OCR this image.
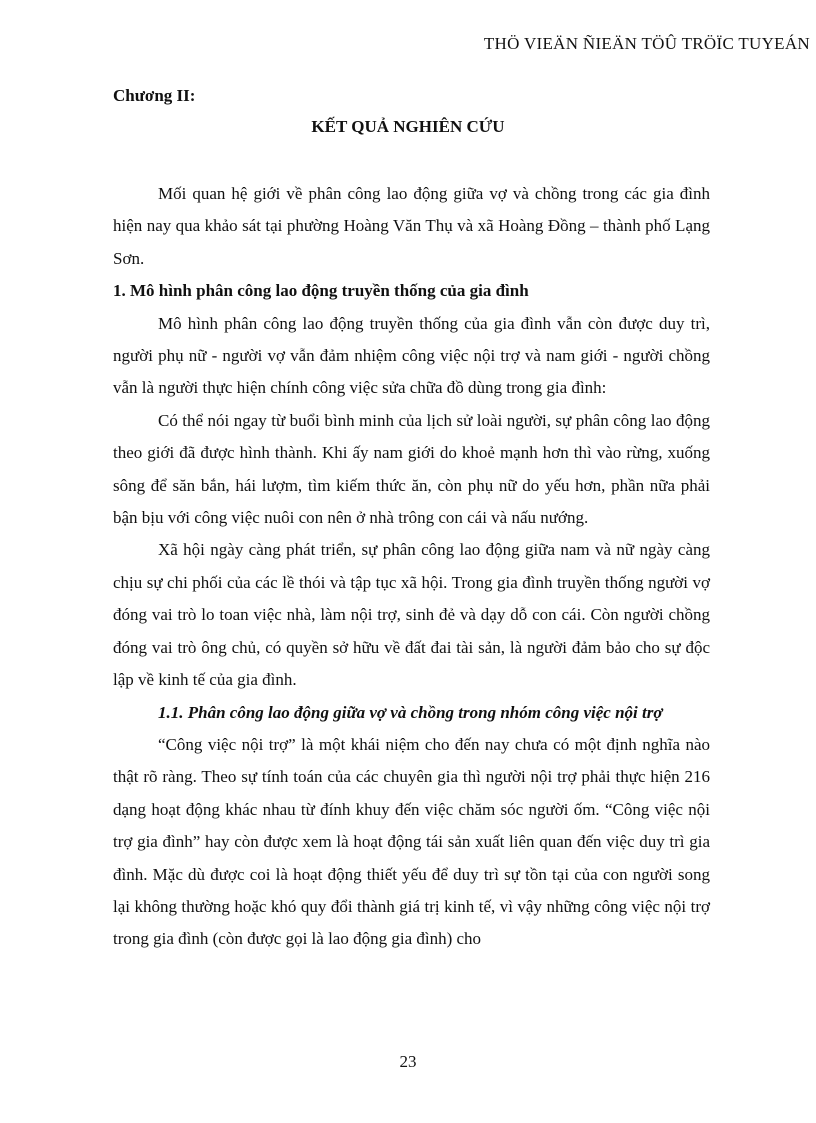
THÖ VIEÄN ÑIEÄN TÖÛ TRÖÏC TUYEÁN
Chương II:
KẾT QUẢ NGHIÊN CỨU

Mối quan hệ giới về phân công lao động giữa vợ và chồng trong các gia đình hiện nay qua khảo sát tại phường Hoàng Văn Thụ và xã Hoàng Đồng – thành phố Lạng Sơn.

1. Mô hình phân công lao động truyền thống của gia đình

Mô hình phân công lao động truyền thống của gia đình vẫn còn được duy trì, người phụ nữ - người vợ vẫn đảm nhiệm công việc nội trợ và nam giới - người chồng vẫn là người thực hiện chính công việc sửa chữa đồ dùng trong gia đình:

Có thể nói ngay từ buổi bình minh của lịch sử loài người, sự phân công lao động theo giới đã được hình thành. Khi ấy nam giới do khoẻ mạnh hơn thì vào rừng, xuống sông để săn bắn, hái lượm, tìm kiếm thức ăn, còn phụ nữ do yếu hơn, phần nữa phải bận bịu với công việc nuôi con nên ở nhà trông con cái và nấu nướng.

Xã hội ngày càng phát triển, sự phân công lao động giữa nam và nữ ngày càng chịu sự chi phối của các lề thói và tập tục xã hội. Trong gia đình truyền thống người vợ đóng vai trò lo toan việc nhà, làm nội trợ, sinh đẻ và dạy dỗ con cái. Còn người chồng đóng vai trò ông chủ, có quyền sở hữu về đất đai tài sản, là người đảm bảo cho sự độc lập về kinh tế của gia đình.

1.1. Phân công lao động giữa vợ và chồng trong nhóm công việc nội trợ

“Công việc nội trợ” là một khái niệm cho đến nay chưa có một định nghĩa nào thật rõ ràng. Theo sự tính toán của các chuyên gia thì người nội trợ phải thực hiện 216 dạng hoạt động khác nhau từ đính khuy đến việc chăm sóc người ốm. “Công việc nội trợ gia đình” hay còn được xem là hoạt động tái sản xuất liên quan đến việc duy trì gia đình. Mặc dù được coi là hoạt động thiết yếu để duy trì sự tồn tại của con người song lại không thường hoặc khó quy đổi thành giá trị kinh tế, vì vậy những công việc nội trợ trong gia đình (còn được gọi là lao động gia đình) cho

23
